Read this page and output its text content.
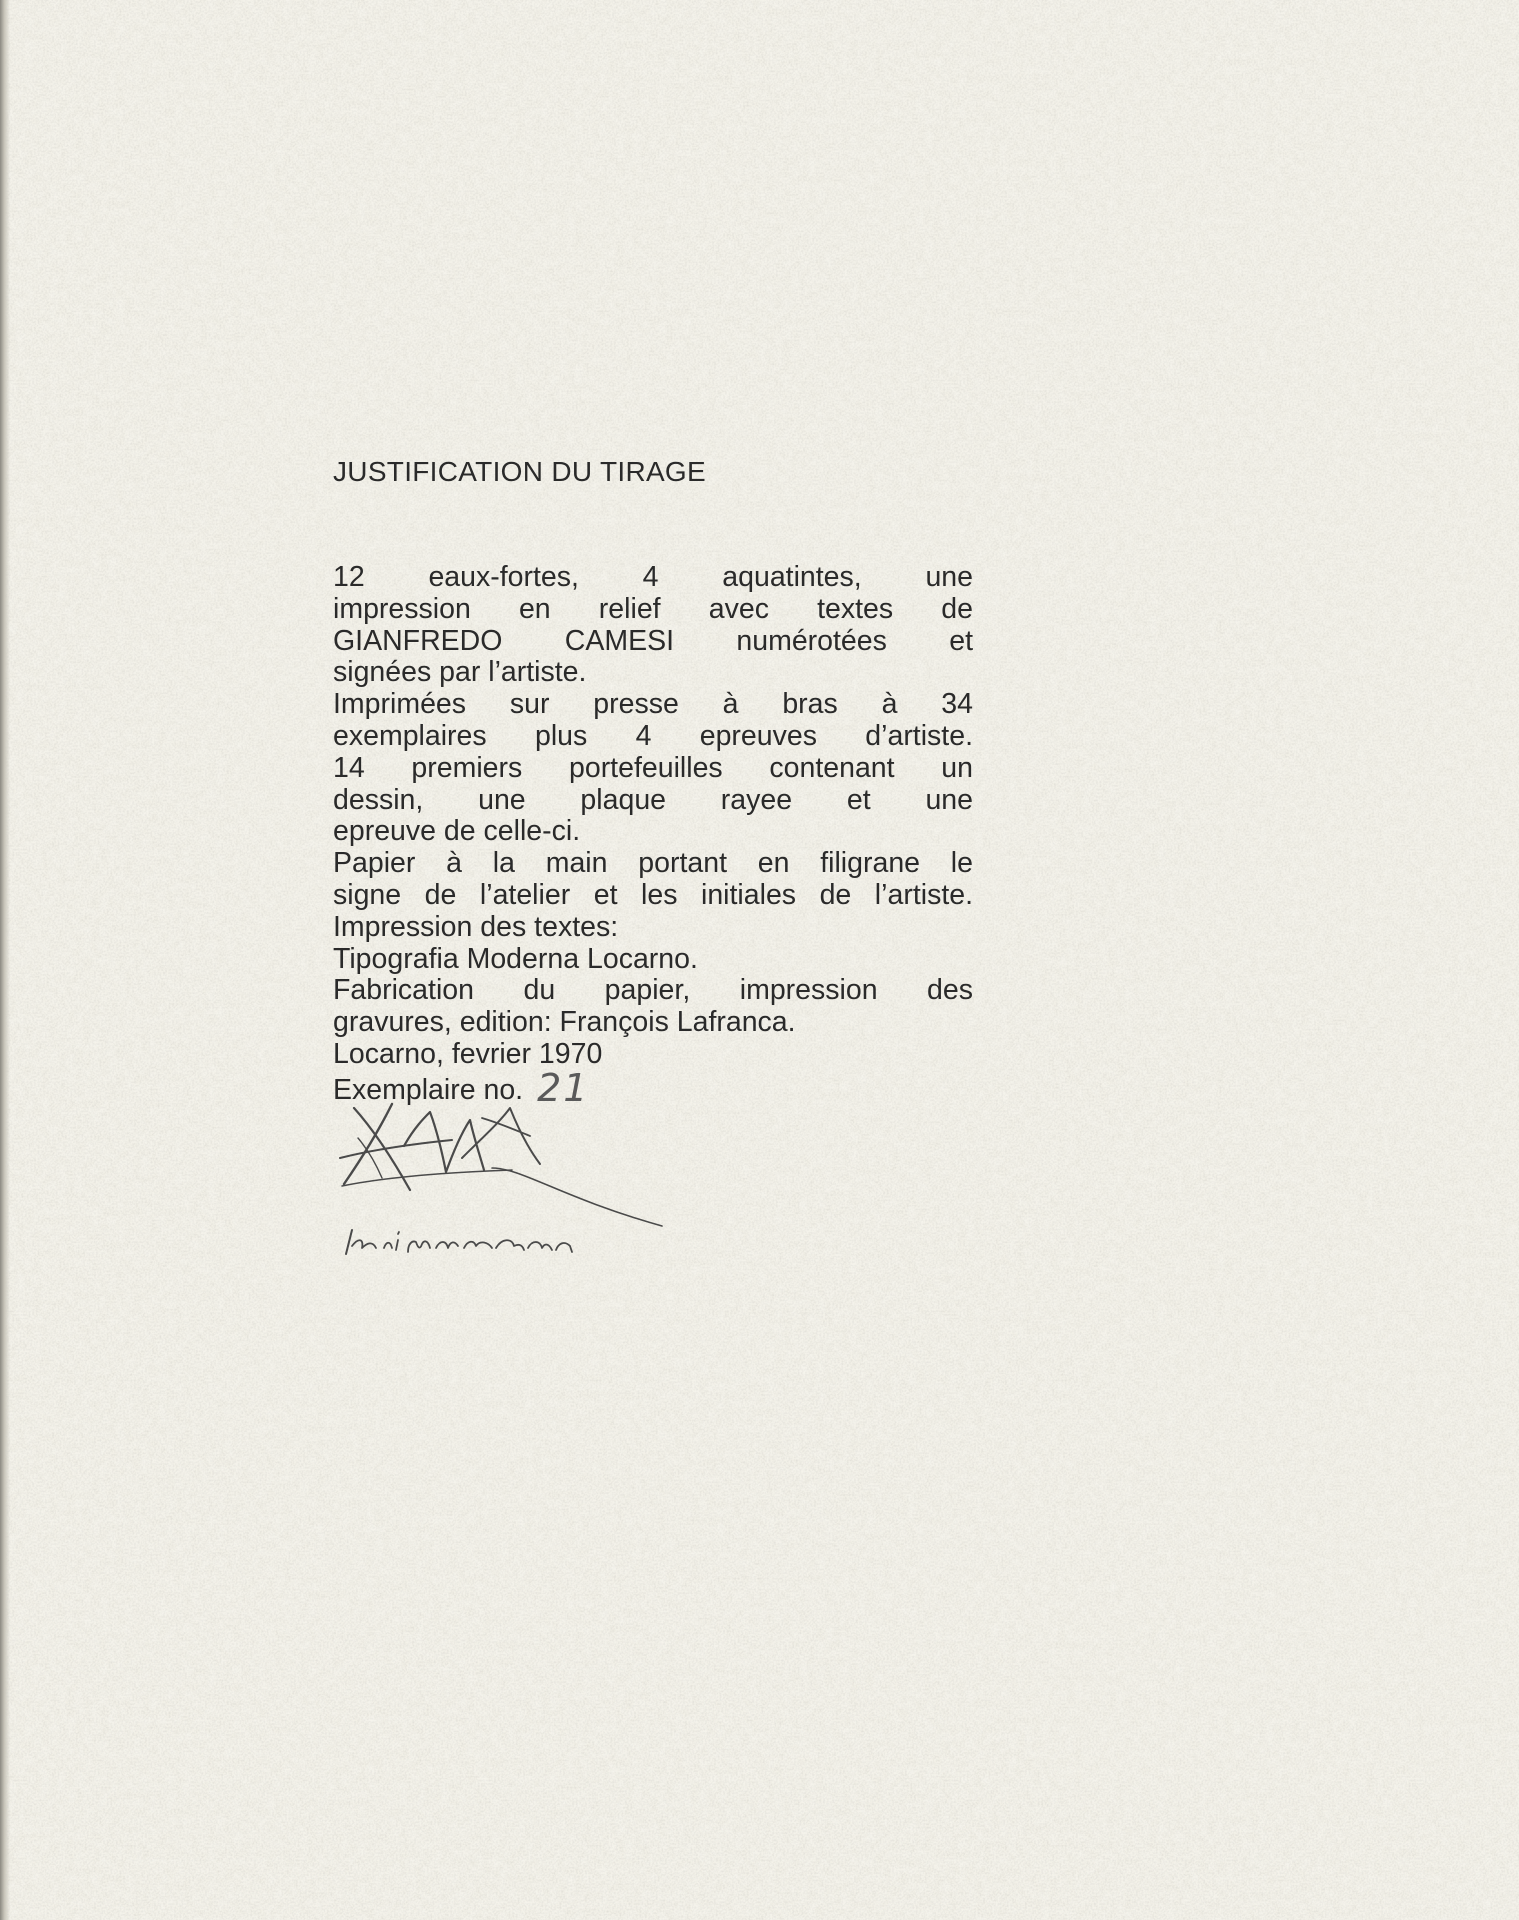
JUSTIFICATION DU TIRAGE
12 eaux-fortes, 4 aquatintes, une
impression en relief avec textes de
GIANFREDO CAMESI numérotées et
signées par l’artiste.
Imprimées sur presse à bras à 34
exemplaires plus 4 epreuves d’artiste.
14 premiers portefeuilles contenant un
dessin, une plaque rayee et une
epreuve de celle-ci.
Papier à la main portant en filigrane le
signe de l’atelier et les initiales de l’artiste.
Impression des textes:
Tipografia Moderna Locarno.
Fabrication du papier, impression des
gravures, edition: François Lafranca.
Locarno, fevrier 1970
Exemplaire no. 21
